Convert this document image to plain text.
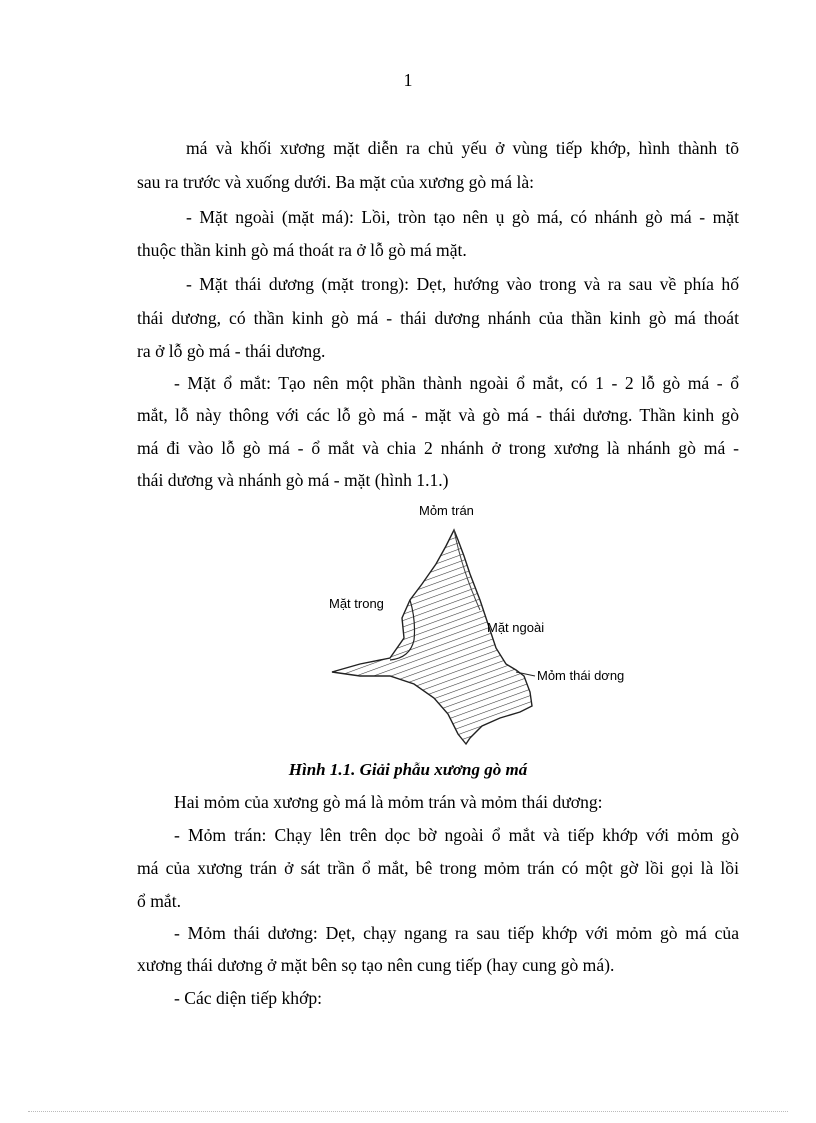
1
má và khối xương mặt diễn ra chủ yếu ở vùng tiếp khớp, hình thành tõ
sau ra trước và xuống dưới. Ba mặt của xương gò má là:
- Mặt ngoài (mặt má): Lồi, tròn tạo nên ụ gò má, có nhánh gò má - mặt
thuộc thần kinh gò má thoát ra ở lỗ gò má mặt.
- Mặt thái dương (mặt trong): Dẹt, hướng vào trong và ra sau về phía hố
thái dương, có thần kinh gò má - thái dương nhánh của thần kinh gò má thoát
ra ở lỗ gò má - thái dương.
- Mặt ổ mắt: Tạo nên một phần thành ngoài ổ mắt, có 1 - 2 lỗ gò má - ổ
mắt, lỗ này thông với các lỗ gò má - mặt và gò má - thái dương. Thần kinh gò
má đi vào lỗ gò má - ổ mắt và chia 2 nhánh ở trong xương là nhánh gò má -
thái dương và nhánh gò má - mặt (hình 1.1.)
Mỏm trán
Mặt trong
Mặt ngoài
Mỏm thái dơng
Hình 1.1. Giải phẫu xương gò má
Hai mỏm của xương gò má là mỏm trán và mỏm thái dương:
- Mỏm trán: Chạy lên trên dọc bờ ngoài ổ mắt và tiếp khớp với mỏm gò
má của xương trán ở sát trần ổ mắt, bê trong mỏm trán có một gờ lồi gọi là lồi
ổ mắt.
- Mỏm thái dương: Dẹt, chạy ngang ra sau tiếp khớp với mỏm gò má của
xương thái dương ở mặt bên sọ tạo nên cung tiếp (hay cung gò má).
- Các diện tiếp khớp:
